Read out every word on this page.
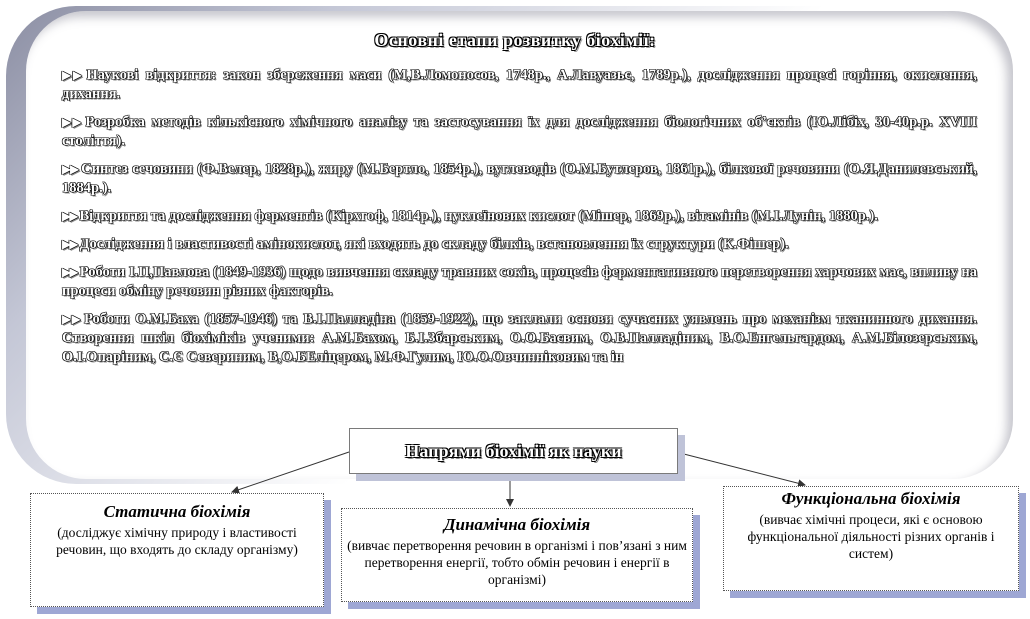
Основні етапи розвитку біохімії:
▶▶ Наукові відкриття: закон збереження маси (М,В.Ломоносов, 1748р., А.Лавуазьє, 1789р.), дослідження процесі горіння, окислення, дихання.
▶▶ Розробка методів кількісного хімічного аналізу та застосування їх для дослідження біологічних об’єктів (Ю.Лібіх, 30-40р.р. XVIII століття).
▶▶ Синтез сечовини (Ф.Велер, 1828р.), жиру (М.Бертло, 1854р.), вуглеводів (О.М.Бутлеров, 1861р.), білкової речовини (О.Я.Данилевський, 1884р.).
▶▶ Відкриття та дослідження ферментів (Кірхгоф, 1814р.), нуклеїнових кислот (Мішер, 1869р.), вітамінів (М.І.Лунін, 1880р.).
▶▶ Дослідження і властивості амінокислот, які входять до складу білків, встановлення їх структури (К.Фішер).
▶▶ Роботи І.П,Павлова (1849-1936) щодо вивчення складу травних соків, процесів ферментативного перетворення харчових мас, впливу на процеси обміну речовин різних факторів.
▶▶ Роботи О.М.Баха (1857-1946) та В.І.Палладіна (1859-1922), що заклали основи сучасних уявлень про механізм тканинного дихання. Створення шкіл біохіміків ученими: А.М.Бахом, Б.І.Збарським, О.О.Баєвим, О.В.Палладіним, В.О.Енгельгардом, А.М.Білозерським, О.І.Опаріним, С.Є Севериним, В,О.БЕліцером, М.Ф.Гулим, Ю.О.Овчинніковим та ін
Напрями біохімії як науки
Статична біохімія
(досліджує хімічну природу і властивості речовин, що входять до складу організму)
Динамічна біохімія
(вивчає перетворення речовин в організмі і пов’язані з ним перетворення енергії, тобто обмін речовин і енергії в організмі)
Функціональна біохімія
(вивчає хімічні процеси, які є основою функціональної діяльності різних органів і систем)
